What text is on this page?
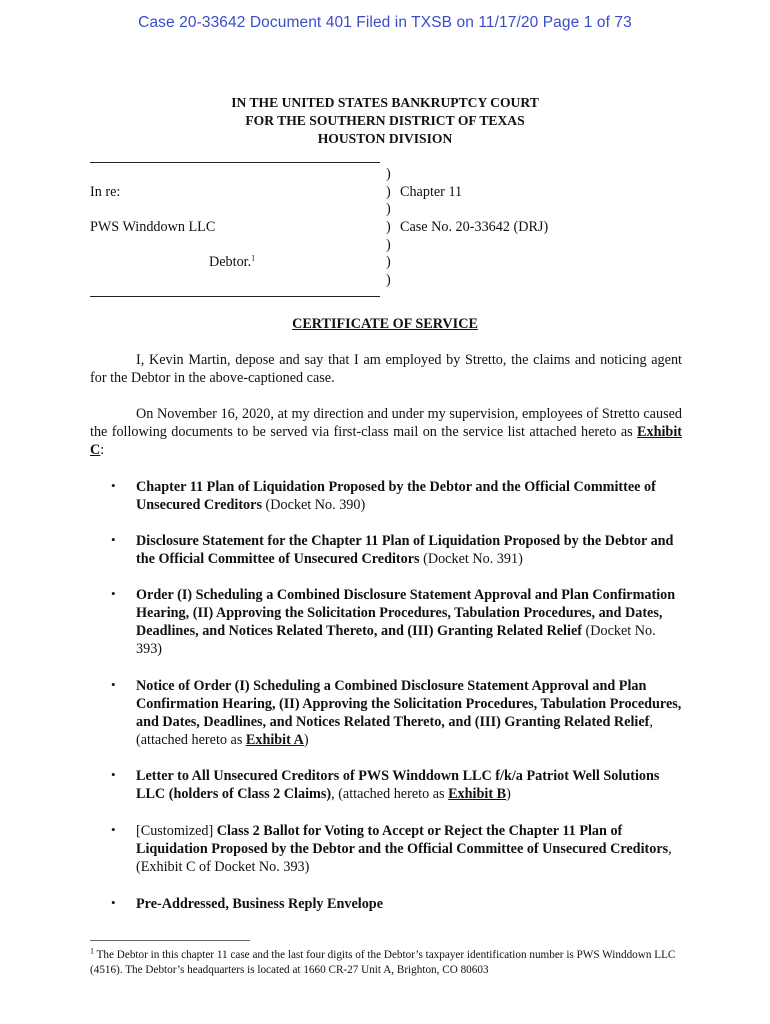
Case 20-33642 Document 401 Filed in TXSB on 11/17/20 Page 1 of 73
IN THE UNITED STATES BANKRUPTCY COURT
FOR THE SOUTHERN DISTRICT OF TEXAS
HOUSTON DIVISION
In re:
PWS Winddown LLC
Debtor.$^1$
)
)
)
)
)
)
)
Chapter 11
Case No. 20-33642 (DRJ)
CERTIFICATE OF SERVICE

I, Kevin Martin, depose and say that I am employed by Stretto, the claims and noticing agent for the Debtor in the above-captioned case.

On November 16, 2020, at my direction and under my supervision, employees of Stretto caused the following documents to be served via first-class mail on the service list attached hereto as Exhibit C:

• Chapter 11 Plan of Liquidation Proposed by the Debtor and the Official Committee of Unsecured Creditors (Docket No. 390)

• Disclosure Statement for the Chapter 11 Plan of Liquidation Proposed by the Debtor and the Official Committee of Unsecured Creditors (Docket No. 391)

• Order (I) Scheduling a Combined Disclosure Statement Approval and Plan Confirmation Hearing, (II) Approving the Solicitation Procedures, Tabulation Procedures, and Dates, Deadlines, and Notices Related Thereto, and (III) Granting Related Relief (Docket No. 393)

• Notice of Order (I) Scheduling a Combined Disclosure Statement Approval and Plan Confirmation Hearing, (II) Approving the Solicitation Procedures, Tabulation Procedures, and Dates, Deadlines, and Notices Related Thereto, and (III) Granting Related Relief, (attached hereto as Exhibit A)

• Letter to All Unsecured Creditors of PWS Winddown LLC f/k/a Patriot Well Solutions LLC (holders of Class 2 Claims), (attached hereto as Exhibit B)

• [Customized] Class 2 Ballot for Voting to Accept or Reject the Chapter 11 Plan of Liquidation Proposed by the Debtor and the Official Committee of Unsecured Creditors, (Exhibit C of Docket No. 393)

• Pre-Addressed, Business Reply Envelope

$^1$ The Debtor in this chapter 11 case and the last four digits of the Debtor’s taxpayer identification number is PWS Winddown LLC (4516). The Debtor’s headquarters is located at 1660 CR-27 Unit A, Brighton, CO 80603
